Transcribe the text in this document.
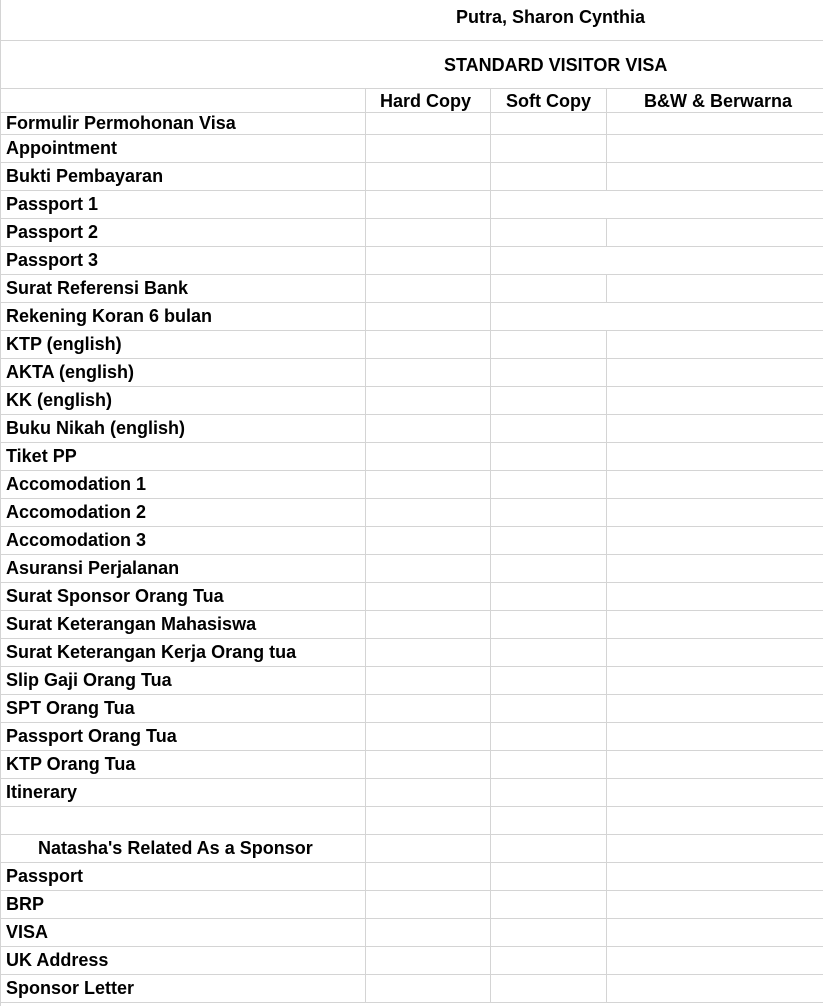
Putra, Sharon Cynthia
STANDARD VISITOR VISA
Hard Copy Soft Copy	B&W & Berwarna
Formulir Permohonan Visa
Appointment
Bukti Pembayaran
Passport 1
Passport 2
Passport 3
Surat Referensi Bank
Rekening Koran 6 bulan
KTP (english)
AKTA (english)
KK (english)
Buku Nikah (english)
Tiket PP
Accomodation 1
Accomodation 2
Accomodation 3
Asuransi Perjalanan
Surat Sponsor Orang Tua
Surat Keterangan Mahasiswa
Surat Keterangan Kerja Orang tua
Slip Gaji Orang Tua
SPT Orang Tua
Passport Orang Tua
KTP Orang Tua
Itinerary
Natasha's Related As a Sponsor
Passport
BRP
VISA
UK Address
Sponsor Letter
